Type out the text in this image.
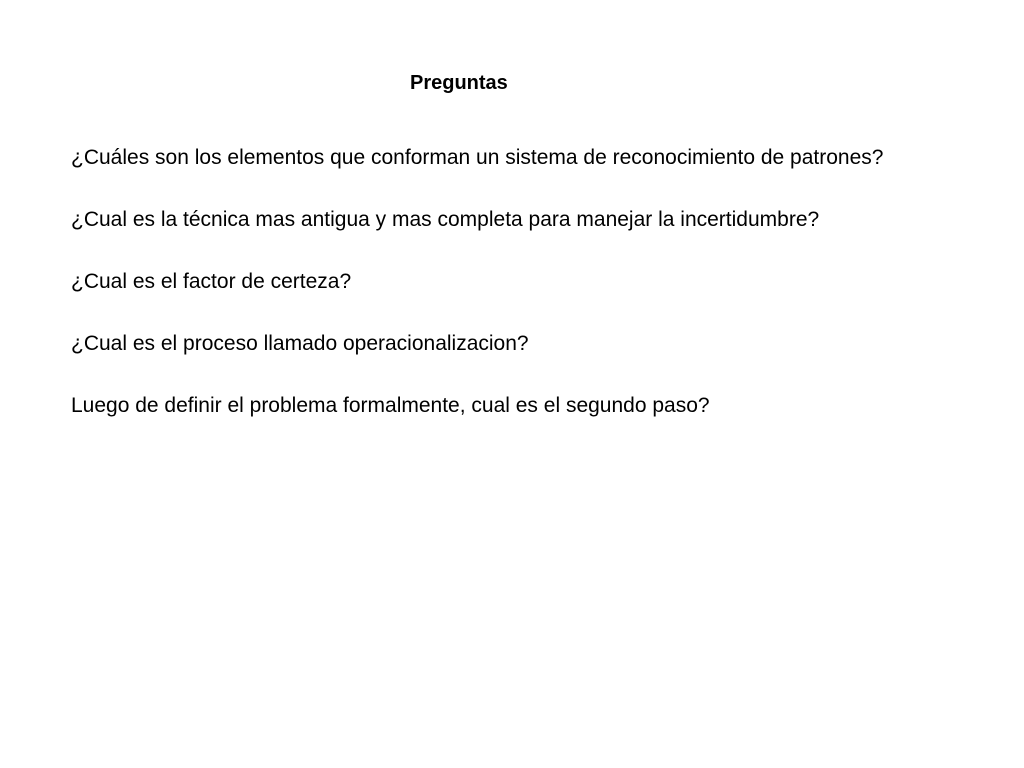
Preguntas
¿Cuáles son los elementos que conforman un sistema de reconocimiento de patrones?
¿Cual es la técnica mas antigua y mas completa para manejar la incertidumbre?
¿Cual es el factor de certeza?
¿Cual es el proceso llamado operacionalizacion?
Luego de definir el problema formalmente, cual es el segundo paso?
